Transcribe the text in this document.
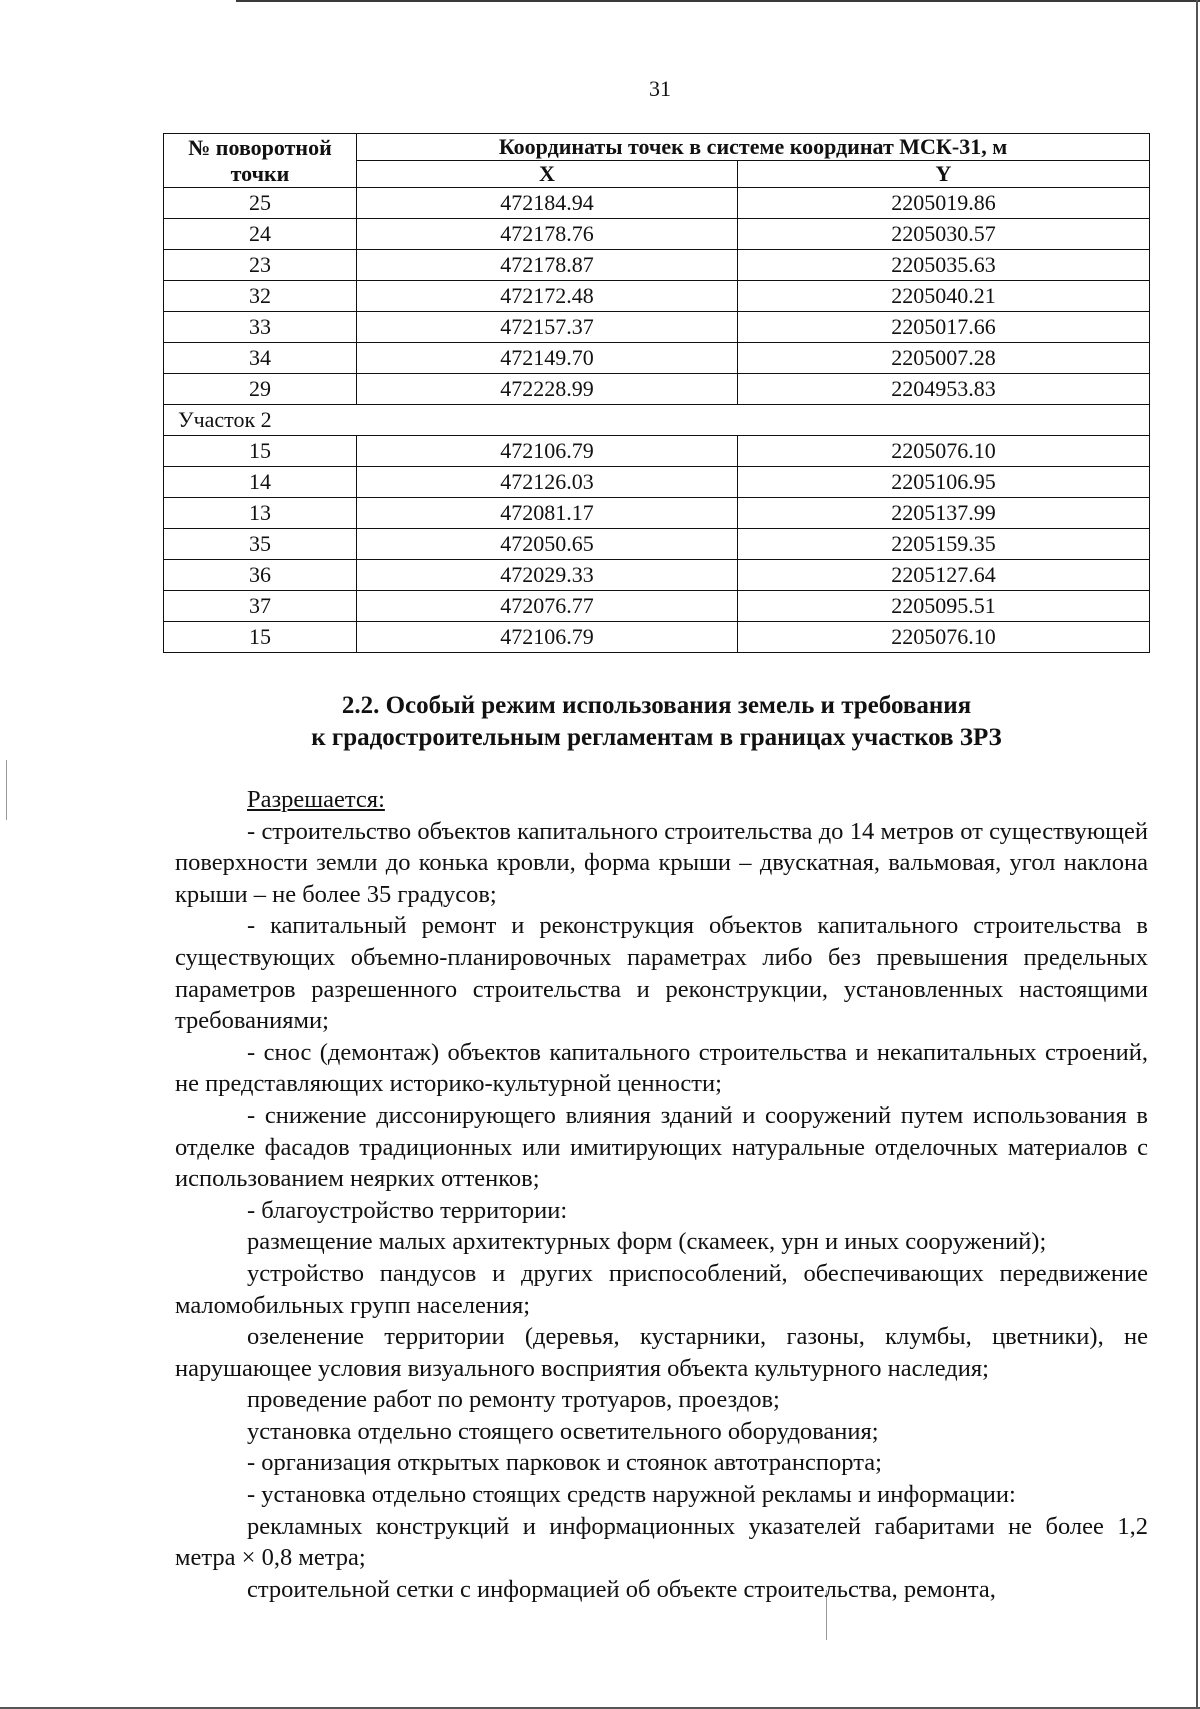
31
№ поворотной точки	Координаты точек в системе координат МСК-31, м	
	X	Y
25	472184.94	2205019.86
24	472178.76	2205030.57
23	472178.87	2205035.63
32	472172.48	2205040.21
33	472157.37	2205017.66
34	472149.70	2205007.28
29	472228.99	2204953.83
Участок 2		
15	472106.79	2205076.10
14	472126.03	2205106.95
13	472081.17	2205137.99
35	472050.65	2205159.35
36	472029.33	2205127.64
37	472076.77	2205095.51
15	472106.79	2205076.10
2.2. Особый режим использования земель и требования
к градостроительным регламентам в границах участков ЗРЗ

Разрешается:

- строительство объектов капитального строительства до 14 метров от существующей поверхности земли до конька кровли, форма крыши – двускатная, вальмовая, угол наклона крыши – не более 35 градусов;

- капитальный ремонт и реконструкция объектов капитального строительства в существующих объемно-планировочных параметрах либо без превышения предельных параметров разрешенного строительства и реконструкции, установленных настоящими требованиями;

- снос (демонтаж) объектов капитального строительства и некапитальных строений, не представляющих историко-культурной ценности;

- снижение диссонирующего влияния зданий и сооружений путем использования в отделке фасадов традиционных или имитирующих натуральные отделочных материалов с использованием неярких оттенков;

- благоустройство территории:

размещение малых архитектурных форм (скамеек, урн и иных сооружений);

устройство пандусов и других приспособлений, обеспечивающих передвижение маломобильных групп населения;

озеленение территории (деревья, кустарники, газоны, клумбы, цветники), не нарушающее условия визуального восприятия объекта культурного наследия;

проведение работ по ремонту тротуаров, проездов;

установка отдельно стоящего осветительного оборудования;

- организация открытых парковок и стоянок автотранспорта;

- установка отдельно стоящих средств наружной рекламы и информации:

рекламных конструкций и информационных указателей габаритами не более 1,2 метра × 0,8 метра;

строительной сетки с информацией об объекте строительства, ремонта,
